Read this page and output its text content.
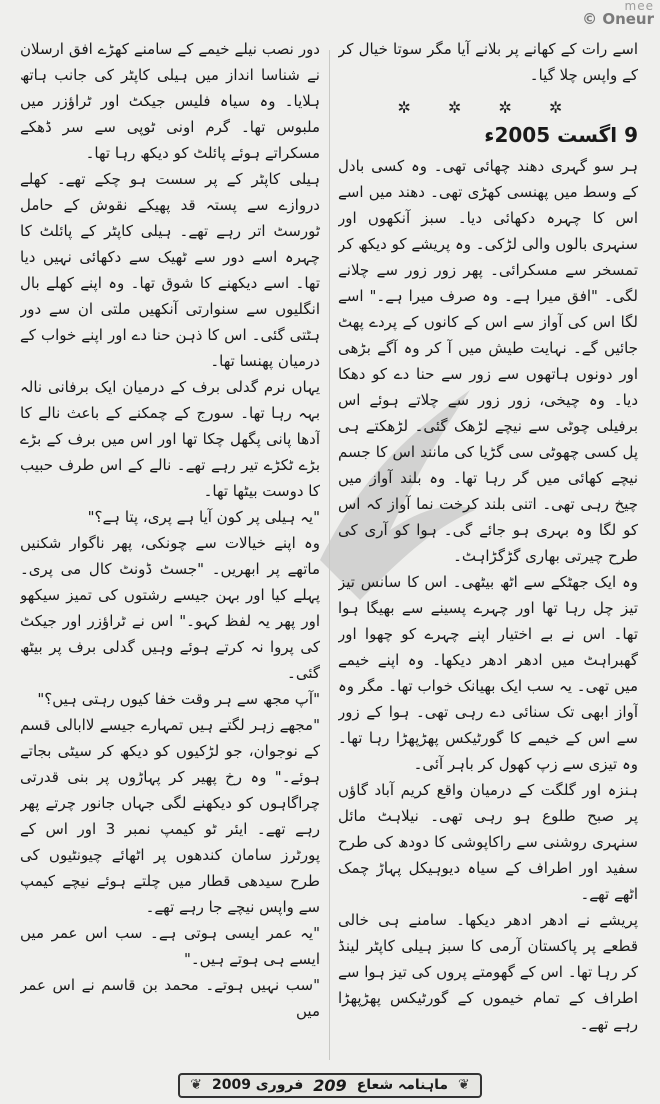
mee
© Oneur

اسے رات کے کھانے پر بلانے آیا مگر سوتا خیال کر کے واپس چلا گیا۔

✲ ✲ ✲ ✲
9 اگست 2005ء

ہر سو گہری دھند چھائی تھی۔ وہ کسی بادل کے وسط میں پھنسی کھڑی تھی۔ دھند میں اسے اس کا چہرہ دکھائی دیا۔ سبز آنکھوں اور سنہری بالوں والی لڑکی۔ وہ پریشے کو دیکھ کر تمسخر سے مسکرائی۔ پھر زور زور سے چلانے لگی۔ "افق میرا ہے۔ وہ صرف میرا ہے۔" اسے لگا اس کی آواز سے اس کے کانوں کے پردے پھٹ جائیں گے۔ نہایت طیش میں آ کر وہ آگے بڑھی اور دونوں ہاتھوں سے زور سے حنا دے کو دھکا دیا۔ وہ چیخی، زور زور سے چلاتے ہوئے اس برفیلی چوٹی سے نیچے لڑھک گئی۔ لڑھکتے ہی پل کسی چھوٹی سی گڑیا کی مانند اس کا جسم نیچے کھائی میں گر رہا تھا۔ وہ بلند آواز میں چیخ رہی تھی۔ اتنی بلند کرخت نما آواز کہ اس کو لگا وہ بہری ہو جائے گی۔ ہوا کو آری کی طرح چیرتی بھاری گڑگڑاہٹ۔

وہ ایک جھٹکے سے اٹھ بیٹھی۔ اس کا سانس تیز تیز چل رہا تھا اور چہرے پسینے سے بھیگا ہوا تھا۔ اس نے بے اختیار اپنے چہرے کو چھوا اور گھبراہٹ میں ادھر ادھر دیکھا۔ وہ اپنے خیمے میں تھی۔ یہ سب ایک بھیانک خواب تھا۔ مگر وہ آواز ابھی تک سنائی دے رہی تھی۔ ہوا کے زور سے اس کے خیمے کا گورٹیکس پھڑپھڑا رہا تھا۔ وہ تیزی سے زپ کھول کر باہر آئی۔

ہنزہ اور گلگت کے درمیان واقع کریم آباد گاؤں پر صبح طلوع ہو رہی تھی۔ نیلاہٹ مائل سنہری روشنی سے راکاپوشی کا دودھ کی طرح سفید اور اطراف کے سیاہ دیوہیکل پہاڑ چمک اٹھے تھے۔

پریشے نے ادھر ادھر دیکھا۔ سامنے ہی خالی قطعے پر پاکستان آرمی کا سبز ہیلی کاپٹر لینڈ کر رہا تھا۔ اس کے گھومتے پروں کی تیز ہوا سے اطراف کے تمام خیموں کے گورٹیکس پھڑپھڑا رہے تھے۔

دور نصب نیلے خیمے کے سامنے کھڑے افق ارسلان نے شناسا انداز میں ہیلی کاپٹر کی جانب ہاتھ ہلایا۔ وہ سیاہ فلیس جیکٹ اور ٹراؤزر میں ملبوس تھا۔ گرم اونی ٹوپی سے سر ڈھکے مسکراتے ہوئے پائلٹ کو دیکھ رہا تھا۔

ہیلی کاپٹر کے پر سست ہو چکے تھے۔ کھلے دروازے سے پستہ قد پھیکے نقوش کے حامل ٹورسٹ اتر رہے تھے۔ ہیلی کاپٹر کے پائلٹ کا چہرہ اسے دور سے ٹھیک سے دکھائی نہیں دیا تھا۔ اسے دیکھنے کا شوق تھا۔ وہ اپنے کھلے بال انگلیوں سے سنوارتی آنکھیں ملتی ان سے دور ہٹتی گئی۔ اس کا ذہن حنا دے اور اپنے خواب کے درمیان پھنسا تھا۔

یہاں نرم گدلی برف کے درمیان ایک برفانی نالہ بہہ رہا تھا۔ سورج کے چمکنے کے باعث نالے کا آدھا پانی پگھل چکا تھا اور اس میں برف کے بڑے بڑے ٹکڑے تیر رہے تھے۔ نالے کے اس طرف حبیب کا دوست بیٹھا تھا۔

"یہ ہیلی پر کون آیا ہے پری، پتا ہے؟"

وہ اپنے خیالات سے چونکی، پھر ناگوار شکنیں ماتھے پر ابھریں۔ "جسٹ ڈونٹ کال می پری۔ پہلے کیا اور بہن جیسے رشتوں کی تمیز سیکھو اور پھر یہ لفظ کہو۔" اس نے ٹراؤزر اور جیکٹ کی پروا نہ کرتے ہوئے وہیں گدلی برف پر بیٹھ گئی۔

"آپ مجھ سے ہر وقت خفا کیوں رہتی ہیں؟"

"مجھے زہر لگتے ہیں تمہارے جیسے لاابالی قسم کے نوجوان، جو لڑکیوں کو دیکھ کر سیٹی بجاتے ہوئے۔" وہ رخ پھیر کر پہاڑوں پر بنی قدرتی چراگاہوں کو دیکھنے لگی جہاں جانور چرتے پھر رہے تھے۔ ایئر ٹو کیمپ نمبر 3 اور اس کے پورٹرز سامان کندھوں پر اٹھائے چیونٹیوں کی طرح سیدھی قطار میں چلتے ہوئے نیچے کیمپ سے واپس نیچے جا رہے تھے۔

"یہ عمر ایسی ہوتی ہے۔ سب اس عمر میں ایسے ہی ہوتے ہیں۔"

"سب نہیں ہوتے۔ محمد بن قاسم نے اس عمر میں

❦
ماہنامہ شعاع
209
فروری 2009
❦
